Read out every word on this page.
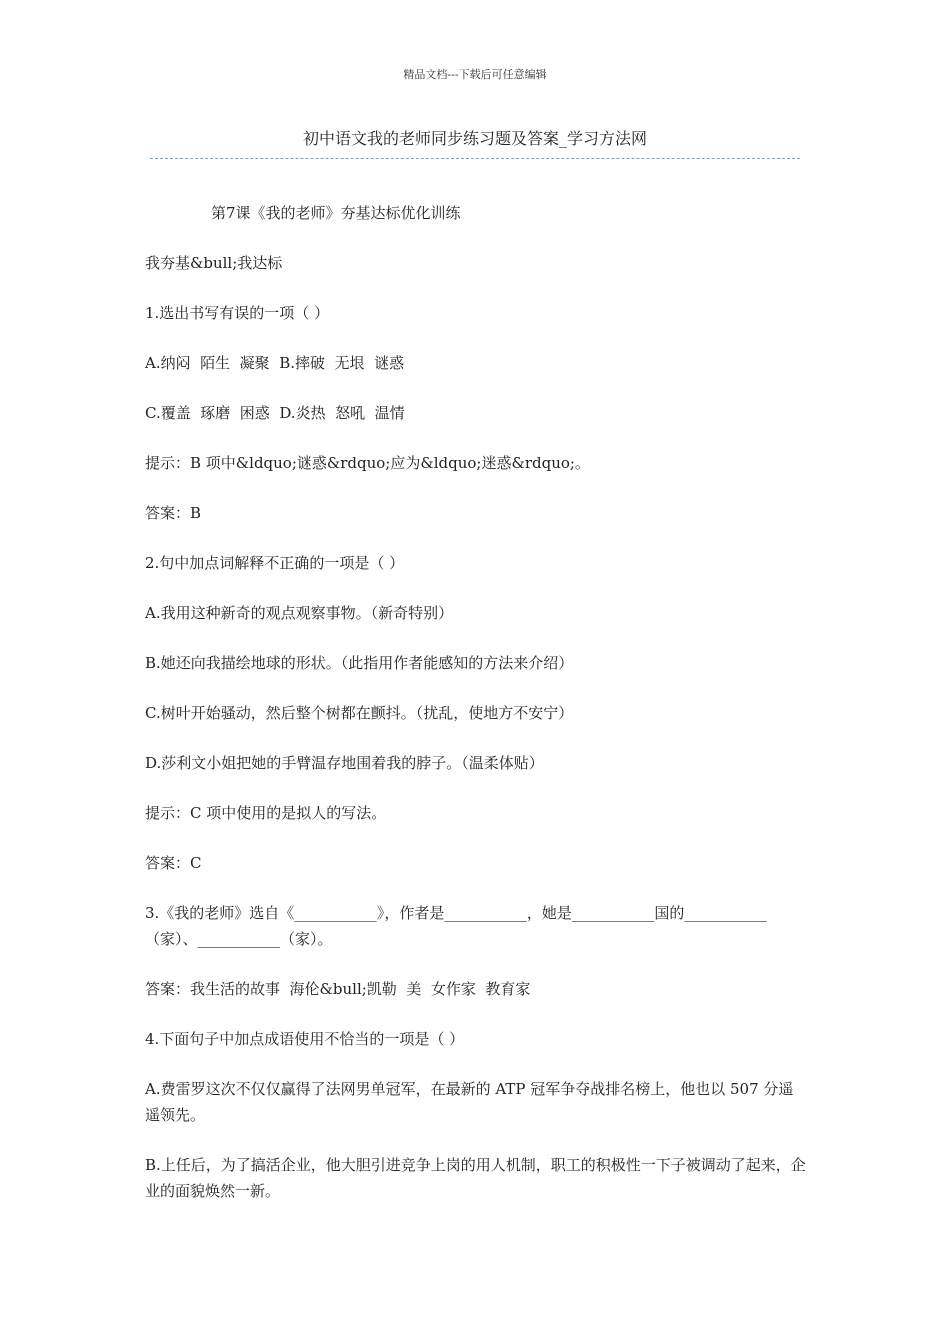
精品文档---下载后可任意编辑
初中语文我的老师同步练习题及答案_学习方法网

第7课《我的老师》夯基达标优化训练

我夯基&bull;我达标

1.选出书写有误的一项（ ）

A.纳闷  陌生  凝聚  B.摔破  无垠  谜惑

C.覆盖  琢磨  困惑  D.炎热  怒吼  温情

提示：B 项中&ldquo;谜惑&rdquo;应为&ldquo;迷惑&rdquo;。

答案：B

2.句中加点词解释不正确的一项是（ ）

A.我用这种新奇的观点观察事物。（新奇特别）

B.她还向我描绘地球的形状。（此指用作者能感知的方法来介绍）

C.树叶开始骚动，然后整个树都在颤抖。（扰乱，使地方不安宁）

D.莎利文小姐把她的手臂温存地围着我的脖子。（温柔体贴）

提示：C 项中使用的是拟人的写法。

答案：C

3.《我的老师》选自《___________》，作者是___________，她是___________国的___________（家）、___________（家）。

答案：我生活的故事  海伦&bull;凯勒  美  女作家  教育家

4.下面句子中加点成语使用不恰当的一项是（ ）

A.费雷罗这次不仅仅赢得了法网男单冠军，在最新的 ATP 冠军争夺战排名榜上，他也以 507 分遥遥领先。

B.上任后，为了搞活企业，他大胆引进竞争上岗的用人机制，职工的积极性一下子被调动了起来，企业的面貌焕然一新。
